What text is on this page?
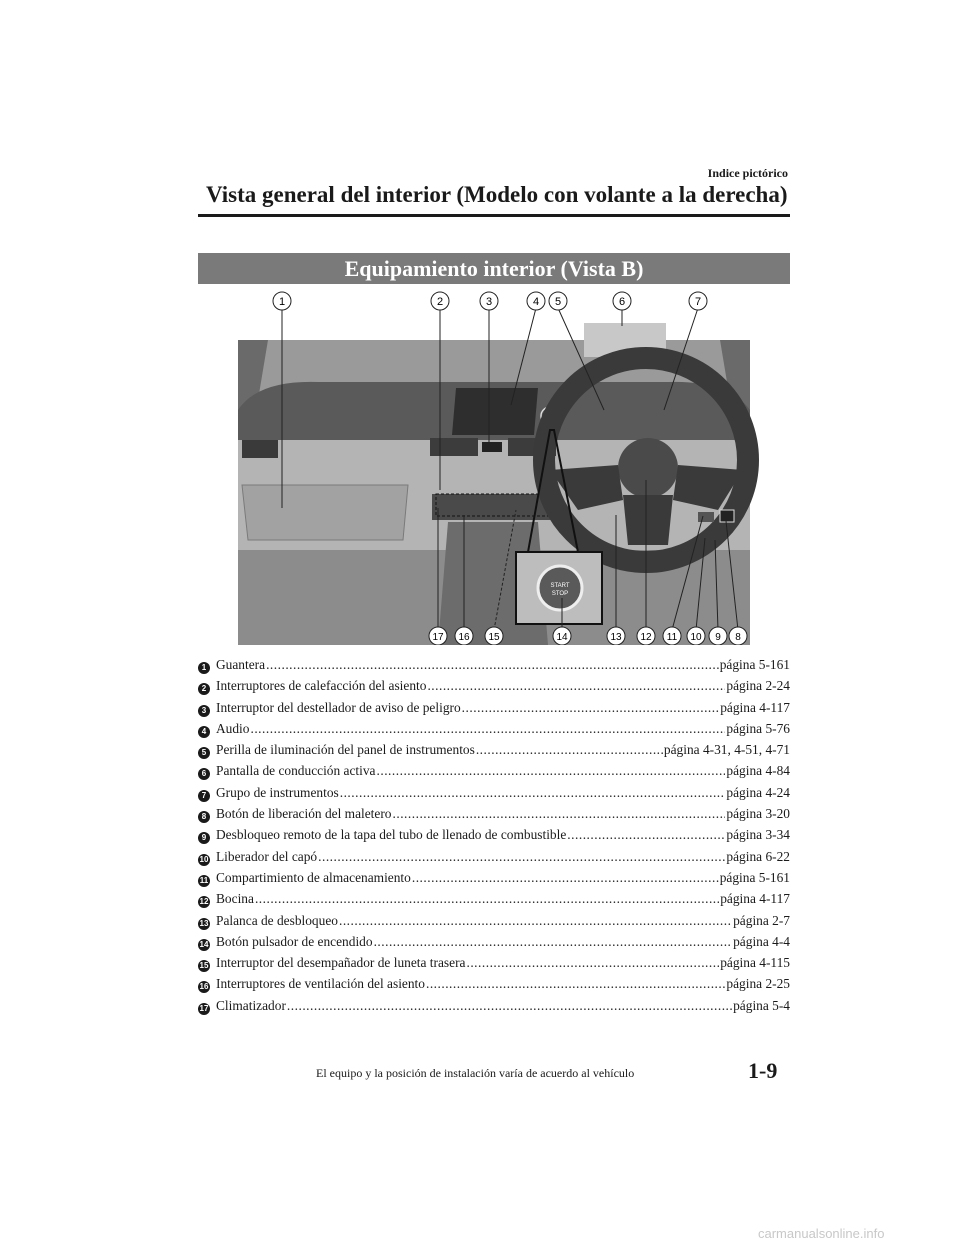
Indice pictórico
Vista general del interior (Modelo con volante a la derecha)
Equipamiento interior (Vista B)
START
STOP
1	2	3	4 5	6	7
17 16 15	14	13 12 11 10 9 8
1 Guantera .....	página 5-161
2 Interruptores de calefacción del asiento .....	página 2-24
3 Interruptor del destellador de aviso de peligro .....	página 4-117
4 Audio .....	página 5-76
5 Perilla de iluminación del panel de instrumentos .....	página 4-31, 4-51, 4-71
6 Pantalla de conducción activa .....	página 4-84
7 Grupo de instrumentos .....	página 4-24
8 Botón de liberación del maletero .....	página 3-20
9 Desbloqueo remoto de la tapa del tubo de llenado de combustible .....	página 3-34
10 Liberador del capó .....	página 6-22
11 Compartimiento de almacenamiento .....	página 5-161
12 Bocina .....	página 4-117
13 Palanca de desbloqueo .....	página 2-7
14 Botón pulsador de encendido .....	página 4-4
15 Interruptor del desempañador de luneta trasera .....	página 4-115
16 Interruptores de ventilación del asiento .....	página 2-25
17 Climatizador .....	página 5-4
El equipo y la posición de instalación varía de acuerdo al vehículo	1-9
carmanualsonline.info
